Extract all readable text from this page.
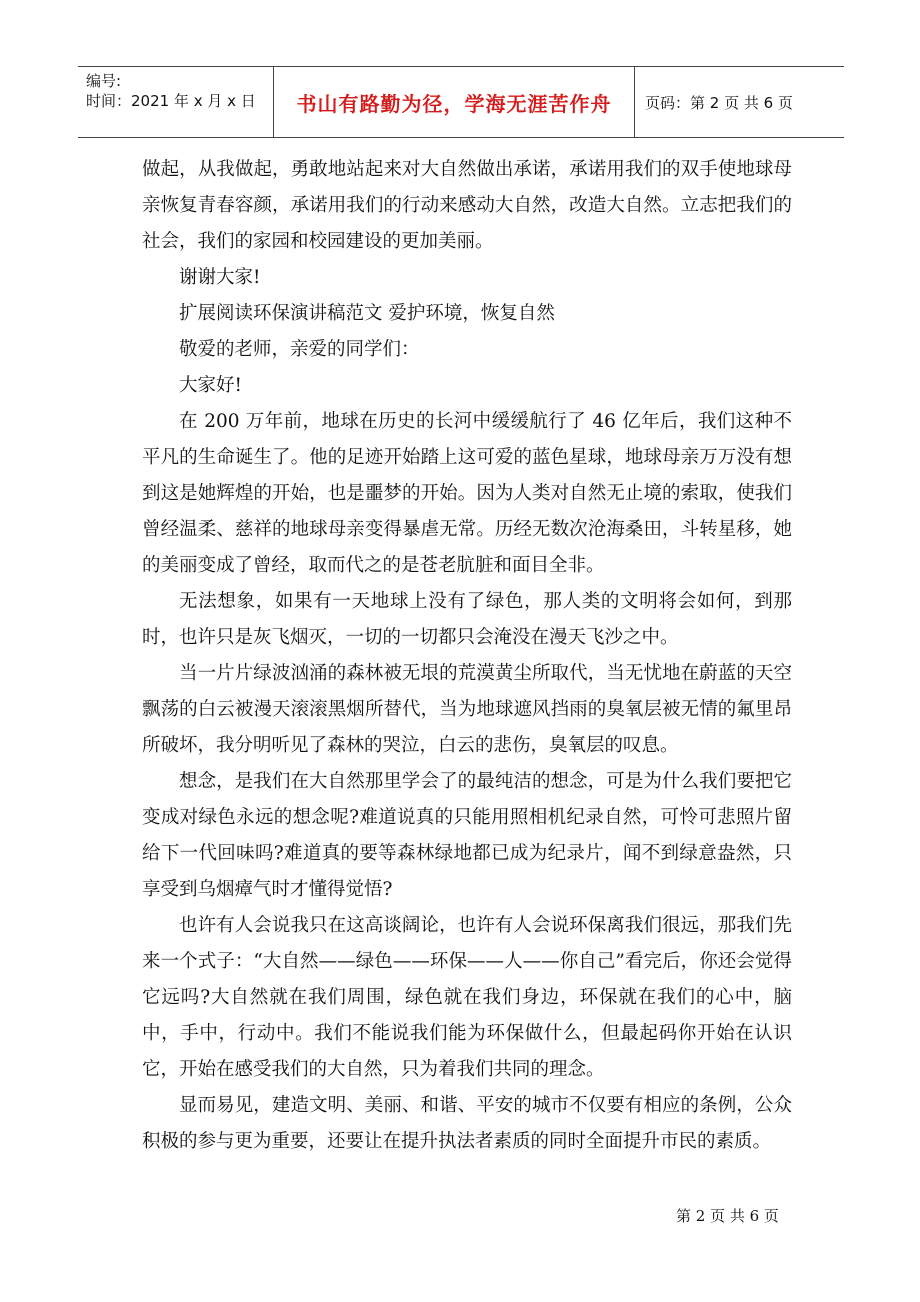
编号:
时间：2021 年 x 月 x 日 书山有路勤为径，学海无涯苦作舟 页码：第 2 页 共 6 页

做起，从我做起，勇敢地站起来对大自然做出承诺，承诺用我们的双手使地球母亲恢复青春容颜，承诺用我们的行动来感动大自然，改造大自然。立志把我们的社会，我们的家园和校园建设的更加美丽。

谢谢大家!

扩展阅读环保演讲稿范文 爱护环境，恢复自然

敬爱的老师，亲爱的同学们：

大家好!

在 200 万年前，地球在历史的长河中缓缓航行了 46 亿年后，我们这种不平凡的生命诞生了。他的足迹开始踏上这可爱的蓝色星球，地球母亲万万没有想到这是她辉煌的开始，也是噩梦的开始。因为人类对自然无止境的索取，使我们曾经温柔、慈祥的地球母亲变得暴虐无常。历经无数次沧海桑田，斗转星移，她的美丽变成了曾经，取而代之的是苍老肮脏和面目全非。

无法想象，如果有一天地球上没有了绿色，那人类的文明将会如何，到那时，也许只是灰飞烟灭，一切的一切都只会淹没在漫天飞沙之中。

当一片片绿波汹涌的森林被无垠的荒漠黄尘所取代，当无忧地在蔚蓝的天空飘荡的白云被漫天滚滚黑烟所替代，当为地球遮风挡雨的臭氧层被无情的氟里昂所破坏，我分明听见了森林的哭泣，白云的悲伤，臭氧层的叹息。

想念，是我们在大自然那里学会了的最纯洁的想念，可是为什么我们要把它变成对绿色永远的想念呢?难道说真的只能用照相机纪录自然，可怜可悲照片留给下一代回味吗?难道真的要等森林绿地都已成为纪录片，闻不到绿意盎然，只享受到乌烟瘴气时才懂得觉悟?

也许有人会说我只在这高谈阔论，也许有人会说环保离我们很远，那我们先来一个式子：“大自然——绿色——环保——人——你自己”看完后，你还会觉得它远吗?大自然就在我们周围，绿色就在我们身边，环保就在我们的心中，脑中，手中，行动中。我们不能说我们能为环保做什么，但最起码你开始在认识它，开始在感受我们的大自然，只为着我们共同的理念。

显而易见，建造文明、美丽、和谐、平安的城市不仅要有相应的条例，公众积极的参与更为重要，还要让在提升执法者素质的同时全面提升市民的素质。

第 2 页 共 6 页
